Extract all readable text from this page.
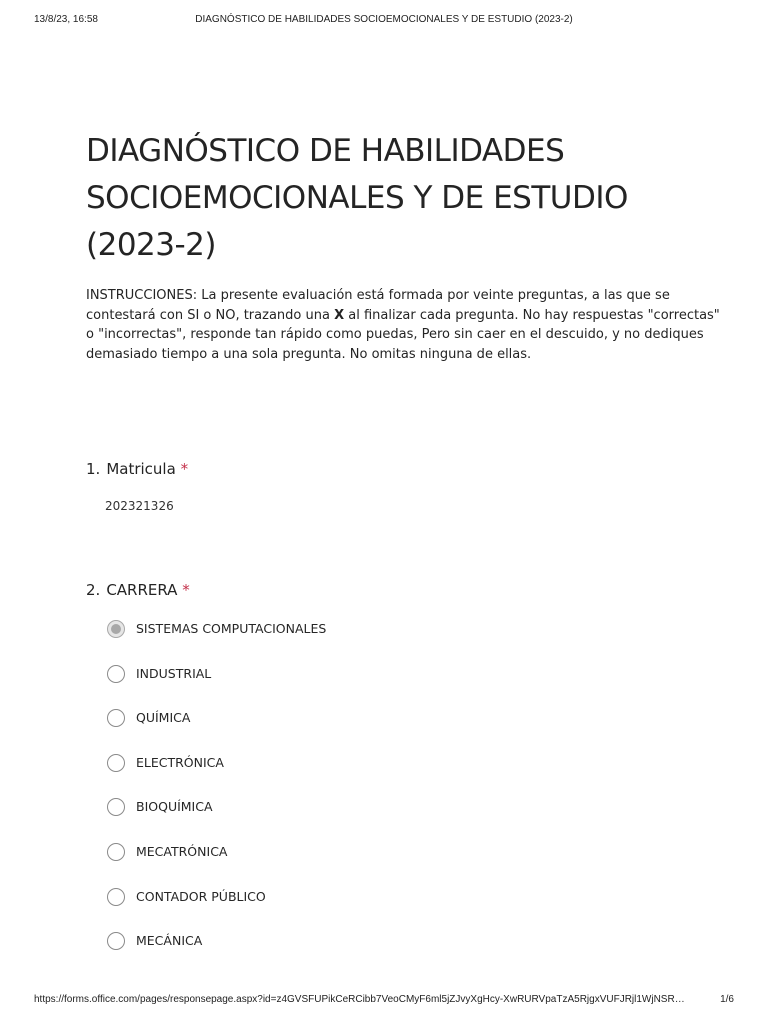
13/8/23, 16:58	DIAGNÓSTICO DE HABILIDADES SOCIOEMOCIONALES Y DE ESTUDIO (2023-2)
DIAGNÓSTICO DE HABILIDADES
SOCIOEMOCIONALES Y DE ESTUDIO
(2023-2)

INSTRUCCIONES: La presente evaluación está formada por veinte preguntas, a las que se contestará con SI o NO, trazando una X al finalizar cada pregunta. No hay respuestas "correctas" o "incorrectas", responde tan rápido como puedas, Pero sin caer en el descuido, y no dediques demasiado tiempo a una sola pregunta. No omitas ninguna de ellas.

1. Matricula *
202321326
2. CARRERA *
SISTEMAS COMPUTACIONALES
INDUSTRIAL
QUÍMICA
ELECTRÓNICA
BIOQUÍMICA
MECATRÓNICA
CONTADOR PÚBLICO
MECÁNICA
https://forms.office.com/pages/responsepage.aspx?id=z4GVSFUPikCeRCibb7VeoCMyF6ml5jZJvyXgHcy-XwRURVpaTzA5RjgxVUFJRjl1WjNSR…	1/6
